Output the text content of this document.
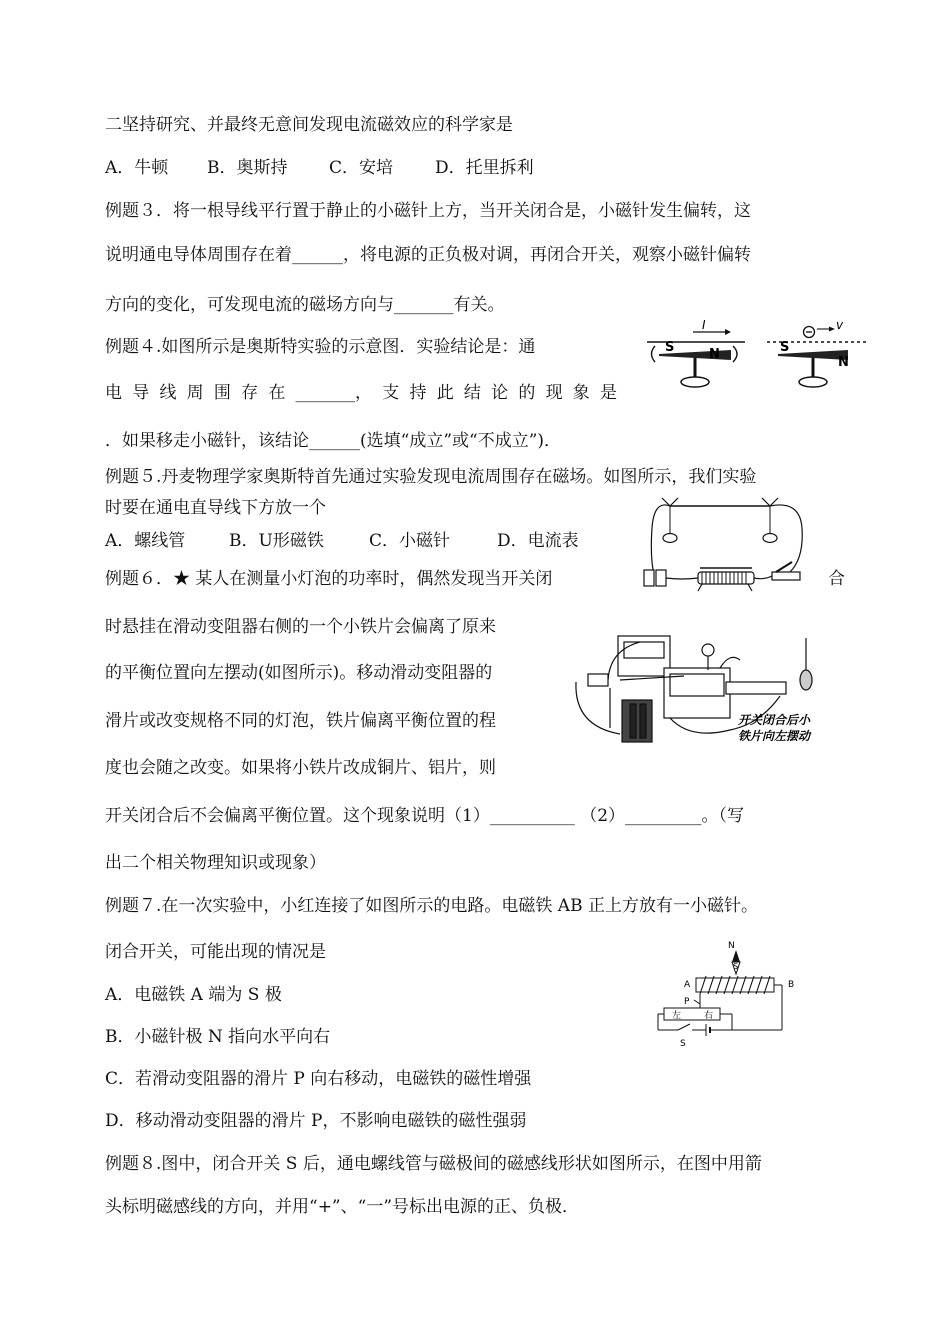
二坚持研究、并最终无意间发现电流磁效应的科学家是
A．牛顿 B．奥斯持 C．安培 D．托里拆利
例题３．将一根导线平行置于静止的小磁针上方，当开关闭合是，小磁针发生偏转，这
说明通电导体周围存在着______，将电源的正负极对调，再闭合开关，观察小磁针偏转
方向的变化，可发现电流的磁场方向与_______有关。
例题４.如图所示是奥斯特实验的示意图．实验结论是：通
电 导 线 周 围 存 在 _______， 支 持 此 结 论 的 现 象 是
．如果移走小磁针，该结论______(选填“成立”或“不成立”)．
例题５.丹麦物理学家奥斯特首先通过实验发现电流周围存在磁场。如图所示，我们实验
时要在通电直导线下方放一个
A．螺线管	B．U形磁铁	C．小磁针	D．电流表
例题６．★ 某人在测量小灯泡的功率时，偶然发现当开关闭	合
时悬挂在滑动变阻器右侧的一个小铁片会偏离了原来
的平衡位置向左摆动(如图所示)。移动滑动变阻器的
滑片或改变规格不同的灯泡，铁片偏离平衡位置的程
度也会随之改变。如果将小铁片改成铜片、铝片，则
开关闭合后不会偏离平衡位置。这个现象说明（1）__________ （2）_________。（写
出二个相关物理知识或现象）
例题７.在一次实验中，小红连接了如图所示的电路。电磁铁 AB 正上方放有一小磁针。
闭合开关，可能出现的情况是
A．电磁铁 A 端为 S 极
B．小磁针极 N 指向水平向右
C．若滑动变阻器的滑片 P 向右移动，电磁铁的磁性增强
D．移动滑动变阻器的滑片 P，不影响电磁铁的磁性强弱
例题８.图中，闭合开关 S 后，通电螺线管与磁极间的磁感线形状如图所示，在图中用箭
头标明磁感线的方向，并用“+”、“一”号标出电源的正、负极．
I
S	N
v
S
N
开关闭合后小
铁片向左摆动
N
S
A	B
P
左	右
S
